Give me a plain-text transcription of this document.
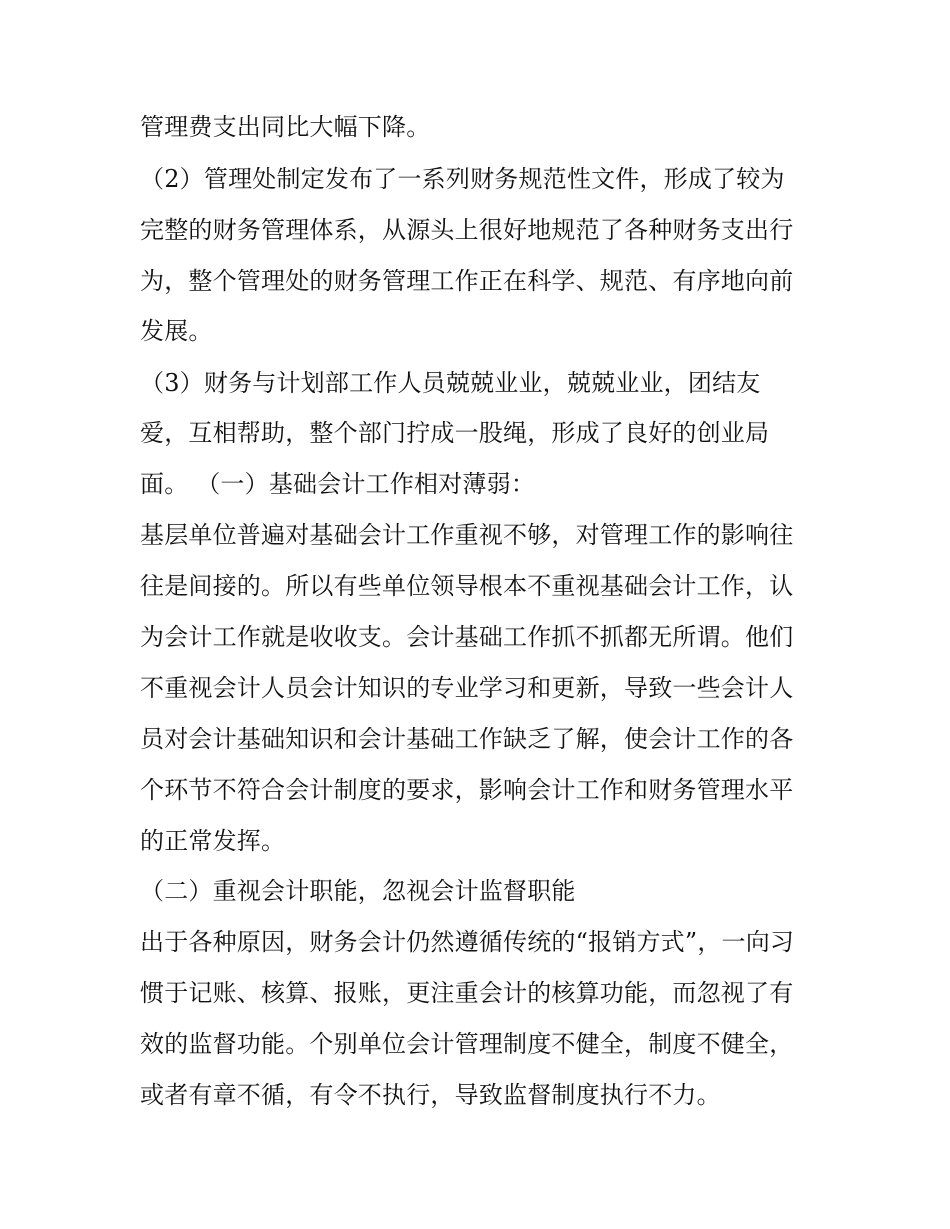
管理费支出同比大幅下降。

（2）管理处制定发布了一系列财务规范性文件，形成了较为

完整的财务管理体系，从源头上很好地规范了各种财务支出行

为，整个管理处的财务管理工作正在科学、规范、有序地向前

发展。

（3）财务与计划部工作人员兢兢业业，兢兢业业，团结友

爱，互相帮助，整个部门拧成一股绳，形成了良好的创业局

面。 （一）基础会计工作相对薄弱：

基层单位普遍对基础会计工作重视不够，对管理工作的影响往

往是间接的。所以有些单位领导根本不重视基础会计工作，认

为会计工作就是收收支。会计基础工作抓不抓都无所谓。他们

不重视会计人员会计知识的专业学习和更新，导致一些会计人

员对会计基础知识和会计基础工作缺乏了解，使会计工作的各

个环节不符合会计制度的要求，影响会计工作和财务管理水平

的正常发挥。

（二）重视会计职能，忽视会计监督职能

出于各种原因，财务会计仍然遵循传统的“报销方式”，一向习

惯于记账、核算、报账，更注重会计的核算功能，而忽视了有

效的监督功能。个别单位会计管理制度不健全，制度不健全，

或者有章不循，有令不执行，导致监督制度执行不力。
